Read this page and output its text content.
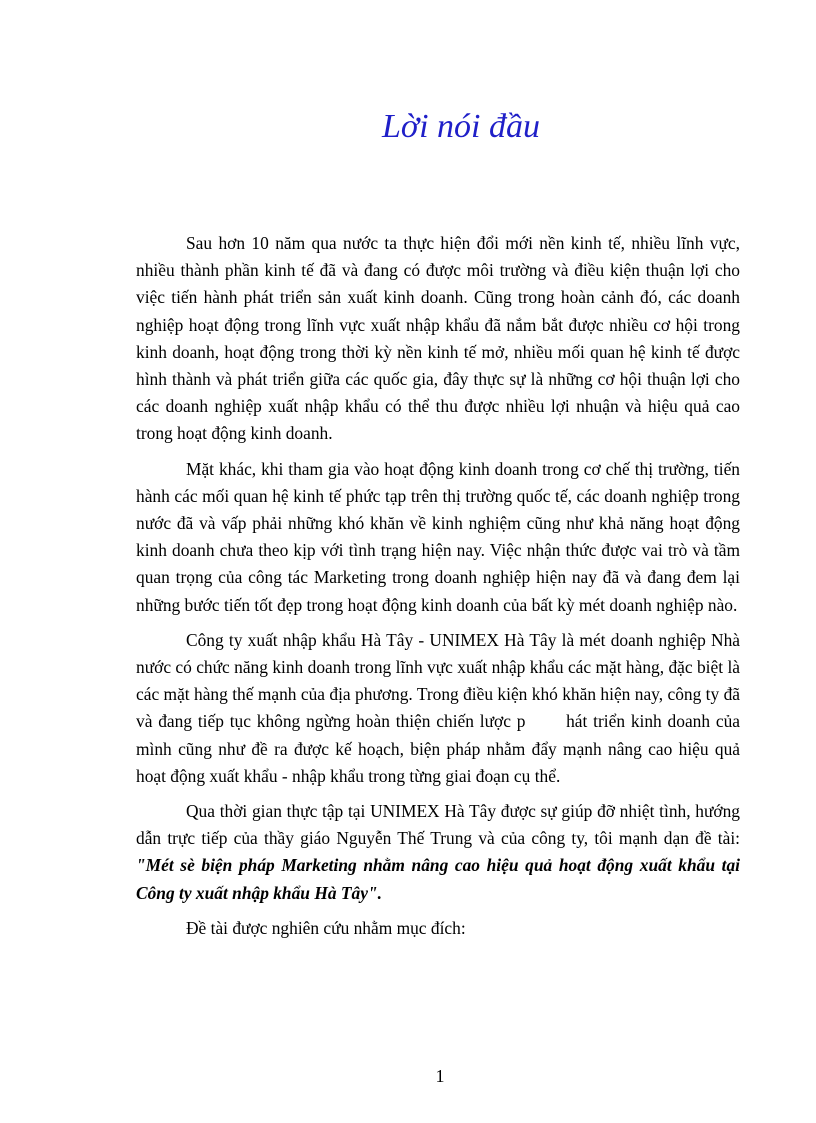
Lời nói đầu

Sau hơn 10 năm qua nước ta thực hiện đổi mới nền kinh tế, nhiều lĩnh vực, nhiều thành phần kinh tế đã và đang có được môi trường và điều kiện thuận lợi cho việc tiến hành phát triển sản xuất kinh doanh. Cũng trong hoàn cảnh đó, các doanh nghiệp hoạt động trong lĩnh vực xuất nhập khẩu đã nắm bắt được nhiều cơ hội trong kinh doanh, hoạt động trong thời kỳ nền kinh tế mở, nhiều mối quan hệ kinh tế được hình thành và phát triển giữa các quốc gia, đây thực sự là những cơ hội thuận lợi cho các doanh nghiệp xuất nhập khẩu có thể thu được nhiều lợi nhuận và hiệu quả cao trong hoạt động kinh doanh.

Mặt khác, khi tham gia vào hoạt động kinh doanh trong cơ chế thị trường, tiến hành các mối quan hệ kinh tế phức tạp trên thị trường quốc tế, các doanh nghiệp trong nước đã và vấp phải những khó khăn về kinh nghiệm cũng như khả năng hoạt động kinh doanh chưa theo kịp với tình trạng hiện nay. Việc nhận thức được vai trò và tầm quan trọng của công tác Marketing trong doanh nghiệp hiện nay đã và đang đem lại những bước tiến tốt đẹp trong hoạt động kinh doanh của bất kỳ mét doanh nghiệp nào.

Công ty xuất nhập khẩu Hà Tây - UNIMEX Hà Tây là mét doanh nghiệp Nhà nước có chức năng kinh doanh trong lĩnh vực xuất nhập khẩu các mặt hàng, đặc biệt là các mặt hàng thế mạnh của địa phương. Trong điều kiện khó khăn hiện nay, công ty đã và đang tiếp tục không ngừng hoàn thiện chiến lược p       hát triển kinh doanh của mình cũng như đề ra được kế hoạch, biện pháp nhằm đẩy mạnh nâng cao hiệu quả hoạt động xuất khẩu - nhập khẩu trong từng giai đoạn cụ thể.

Qua thời gian thực tập tại UNIMEX Hà Tây được sự giúp đỡ nhiệt tình, hướng dẫn trực tiếp của thầy giáo Nguyễn Thế Trung và của công ty, tôi mạnh dạn đề tài: "Mét sè biện pháp Marketing nhằm nâng cao hiệu quả hoạt động xuất khẩu tại Công ty xuất nhập khẩu Hà Tây".

Đề tài được nghiên cứu nhằm mục đích:

1
